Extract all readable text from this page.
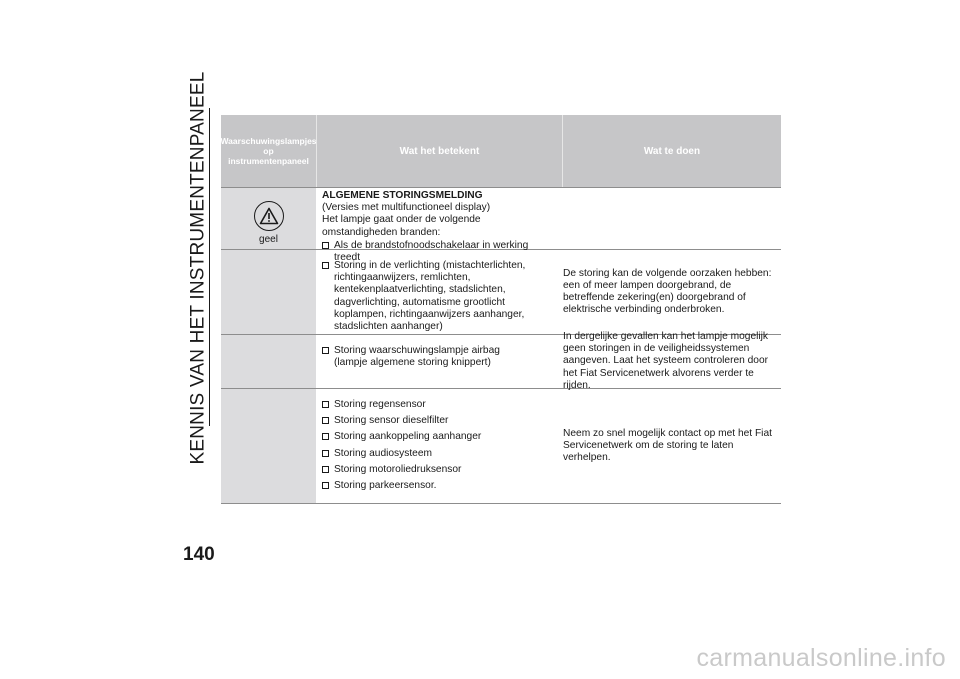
KENNIS VAN HET INSTRUMENTENPANEEL Waarschuwingslampjes
op
instrumentenpaneel
Wat het betekent	Wat te doen
geel
ALGEMENE STORINGSMELDING
(Versies met multifunctioneel display)
Het lampje gaat onder de volgende
omstandigheden branden:
Als de brandstofnoodschakelaar in werking treedt
Storing in de verlichting (mistachterlichten, richtingaanwijzers, remlichten, kentekenplaatverlichting, stadslichten, dagverlichting, automatisme grootlicht koplampen, richtingaanwijzers aanhanger, stadslichten aanhanger)
De storing kan de volgende oorzaken hebben: een of meer lampen doorgebrand, de betreffende zekering(en) doorgebrand of elektrische verbinding onderbroken.
Storing waarschuwingslampje airbag (lampje algemene storing knippert)
In dergelijke gevallen kan het lampje mogelijk geen storingen in de veiligheidssystemen aangeven. Laat het systeem controleren door het Fiat Servicenetwerk alvorens verder te rijden.
Storing regensensor
Storing sensor dieselfilter
Storing aankoppeling aanhanger
Storing audiosysteem
Storing motoroliedruksensor
Storing parkeersensor.
Neem zo snel mogelijk contact op met het Fiat Servicenetwerk om de storing te laten verhelpen.
140
carmanualsonline.info
